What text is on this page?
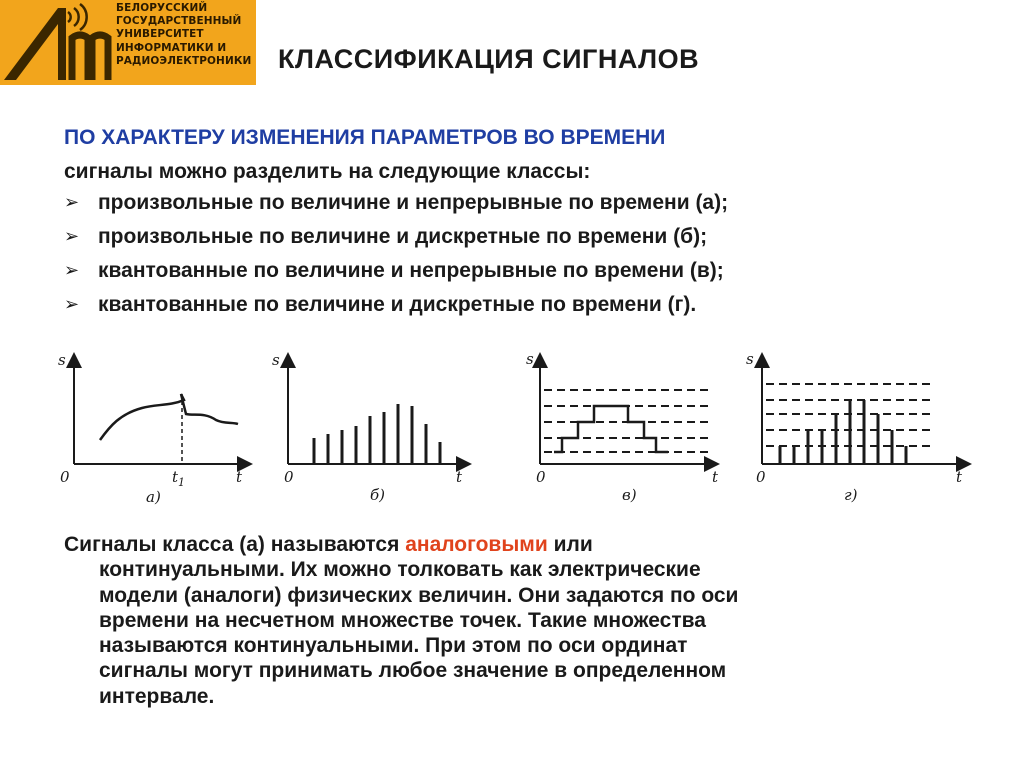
БЕЛОРУССКИЙ
ГОСУДАРСТВЕННЫЙ
УНИВЕРСИТЕТ
ИНФОРМАТИКИ И
РАДИОЭЛЕКТРОНИКИ КЛАССИФИКАЦИЯ СИГНАЛОВ
ПО ХАРАКТЕРУ ИЗМЕНЕНИЯ ПАРАМЕТРОВ ВО ВРЕМЕНИ
сигналы можно разделить на следующие классы:
➢ произвольные по величине и непрерывные по времени (а);
➢ произвольные по величине и дискретные по времени (б);
➢ квантованные по величине и непрерывные по времени (в);
➢ квантованные по величине и дискретные по времени (г).
s
t
0	$t_1$
а)
s
t
0
б)
s
t
0
в)
s
t
0
г)
Сигналы класса (а) называются аналоговыми или
континуальными. Их можно толковать как электрические
модели (аналоги) физических величин. Они задаются по оси
времени на несчетном множестве точек. Такие множества
называются континуальными. При этом по оси ординат
сигналы могут принимать любое значение в определенном
интервале.
